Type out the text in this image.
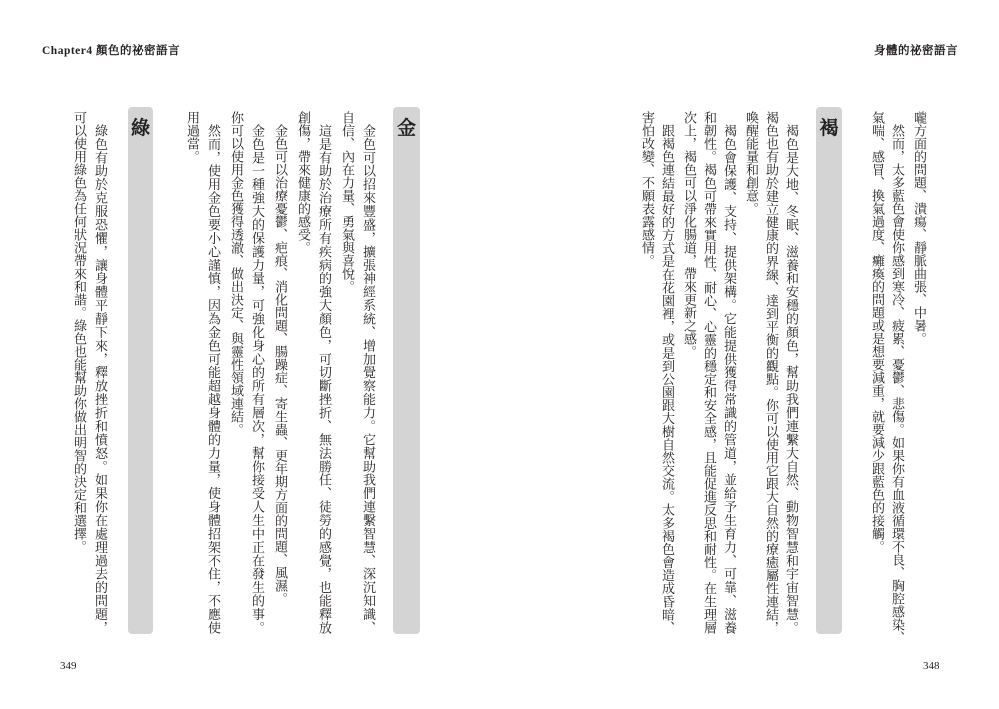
Chapter4 顏色的祕密語言	身體的祕密語言
嚨方面的問題、潰瘍、靜脈曲張、中暑。
然而，太多藍色會使你感到寒冷、疲累、憂鬱、悲傷。如果你有血液循環不良、胸腔感染、
氣喘、感冒、換氣過度、癱瘓的問題或是想要減重，就要減少跟藍色的接觸。
褐
褐色是大地、冬眠、滋養和安穩的顏色，幫助我們連繫大自然、動物智慧和宇宙智慧。
褐色也有助於建立健康的界線、達到平衡的觀點。你可以使用它跟大自然的療癒屬性連結，
喚醒能量和創意。
褐色會保護、支持、提供架構。它能提供獲得常識的管道，並給予生育力、可靠、滋養
和韌性。褐色可帶來實用性、耐心、心靈的穩定和安全感，且能促進反思和耐性。在生理層
次上，褐色可以淨化腸道，帶來更新之感。
跟褐色連結最好的方式是在花園裡，或是到公園跟大樹自然交流。太多褐色會造成昏暗、
害怕改變、不願表露感情。
348
金
金色可以招來豐盛，擴張神經系統、增加覺察能力。它幫助我們連繫智慧、深沉知識、
自信、內在力量、勇氣與喜悅。
這是有助於治療所有疾病的強大顏色，可切斷挫折、無法勝任、徒勞的感覺，也能釋放
創傷，帶來健康的感受。
金色可以治療憂鬱、疤痕、消化問題、腸躁症、寄生蟲、更年期方面的問題、風濕。
金色是一種強大的保護力量，可強化身心的所有層次，幫你接受人生中正在發生的事。
你可以使用金色獲得透澈、做出決定、與靈性領域連結。
然而，使用金色要小心謹慎，因為金色可能超越身體的力量，使身體招架不住，不應使
用過當。
綠
綠色有助於克服恐懼，讓身體平靜下來，釋放挫折和憤怒。如果你在處理過去的問題，
可以使用綠色為任何狀況帶來和諧。綠色也能幫助你做出明智的決定和選擇。
349
